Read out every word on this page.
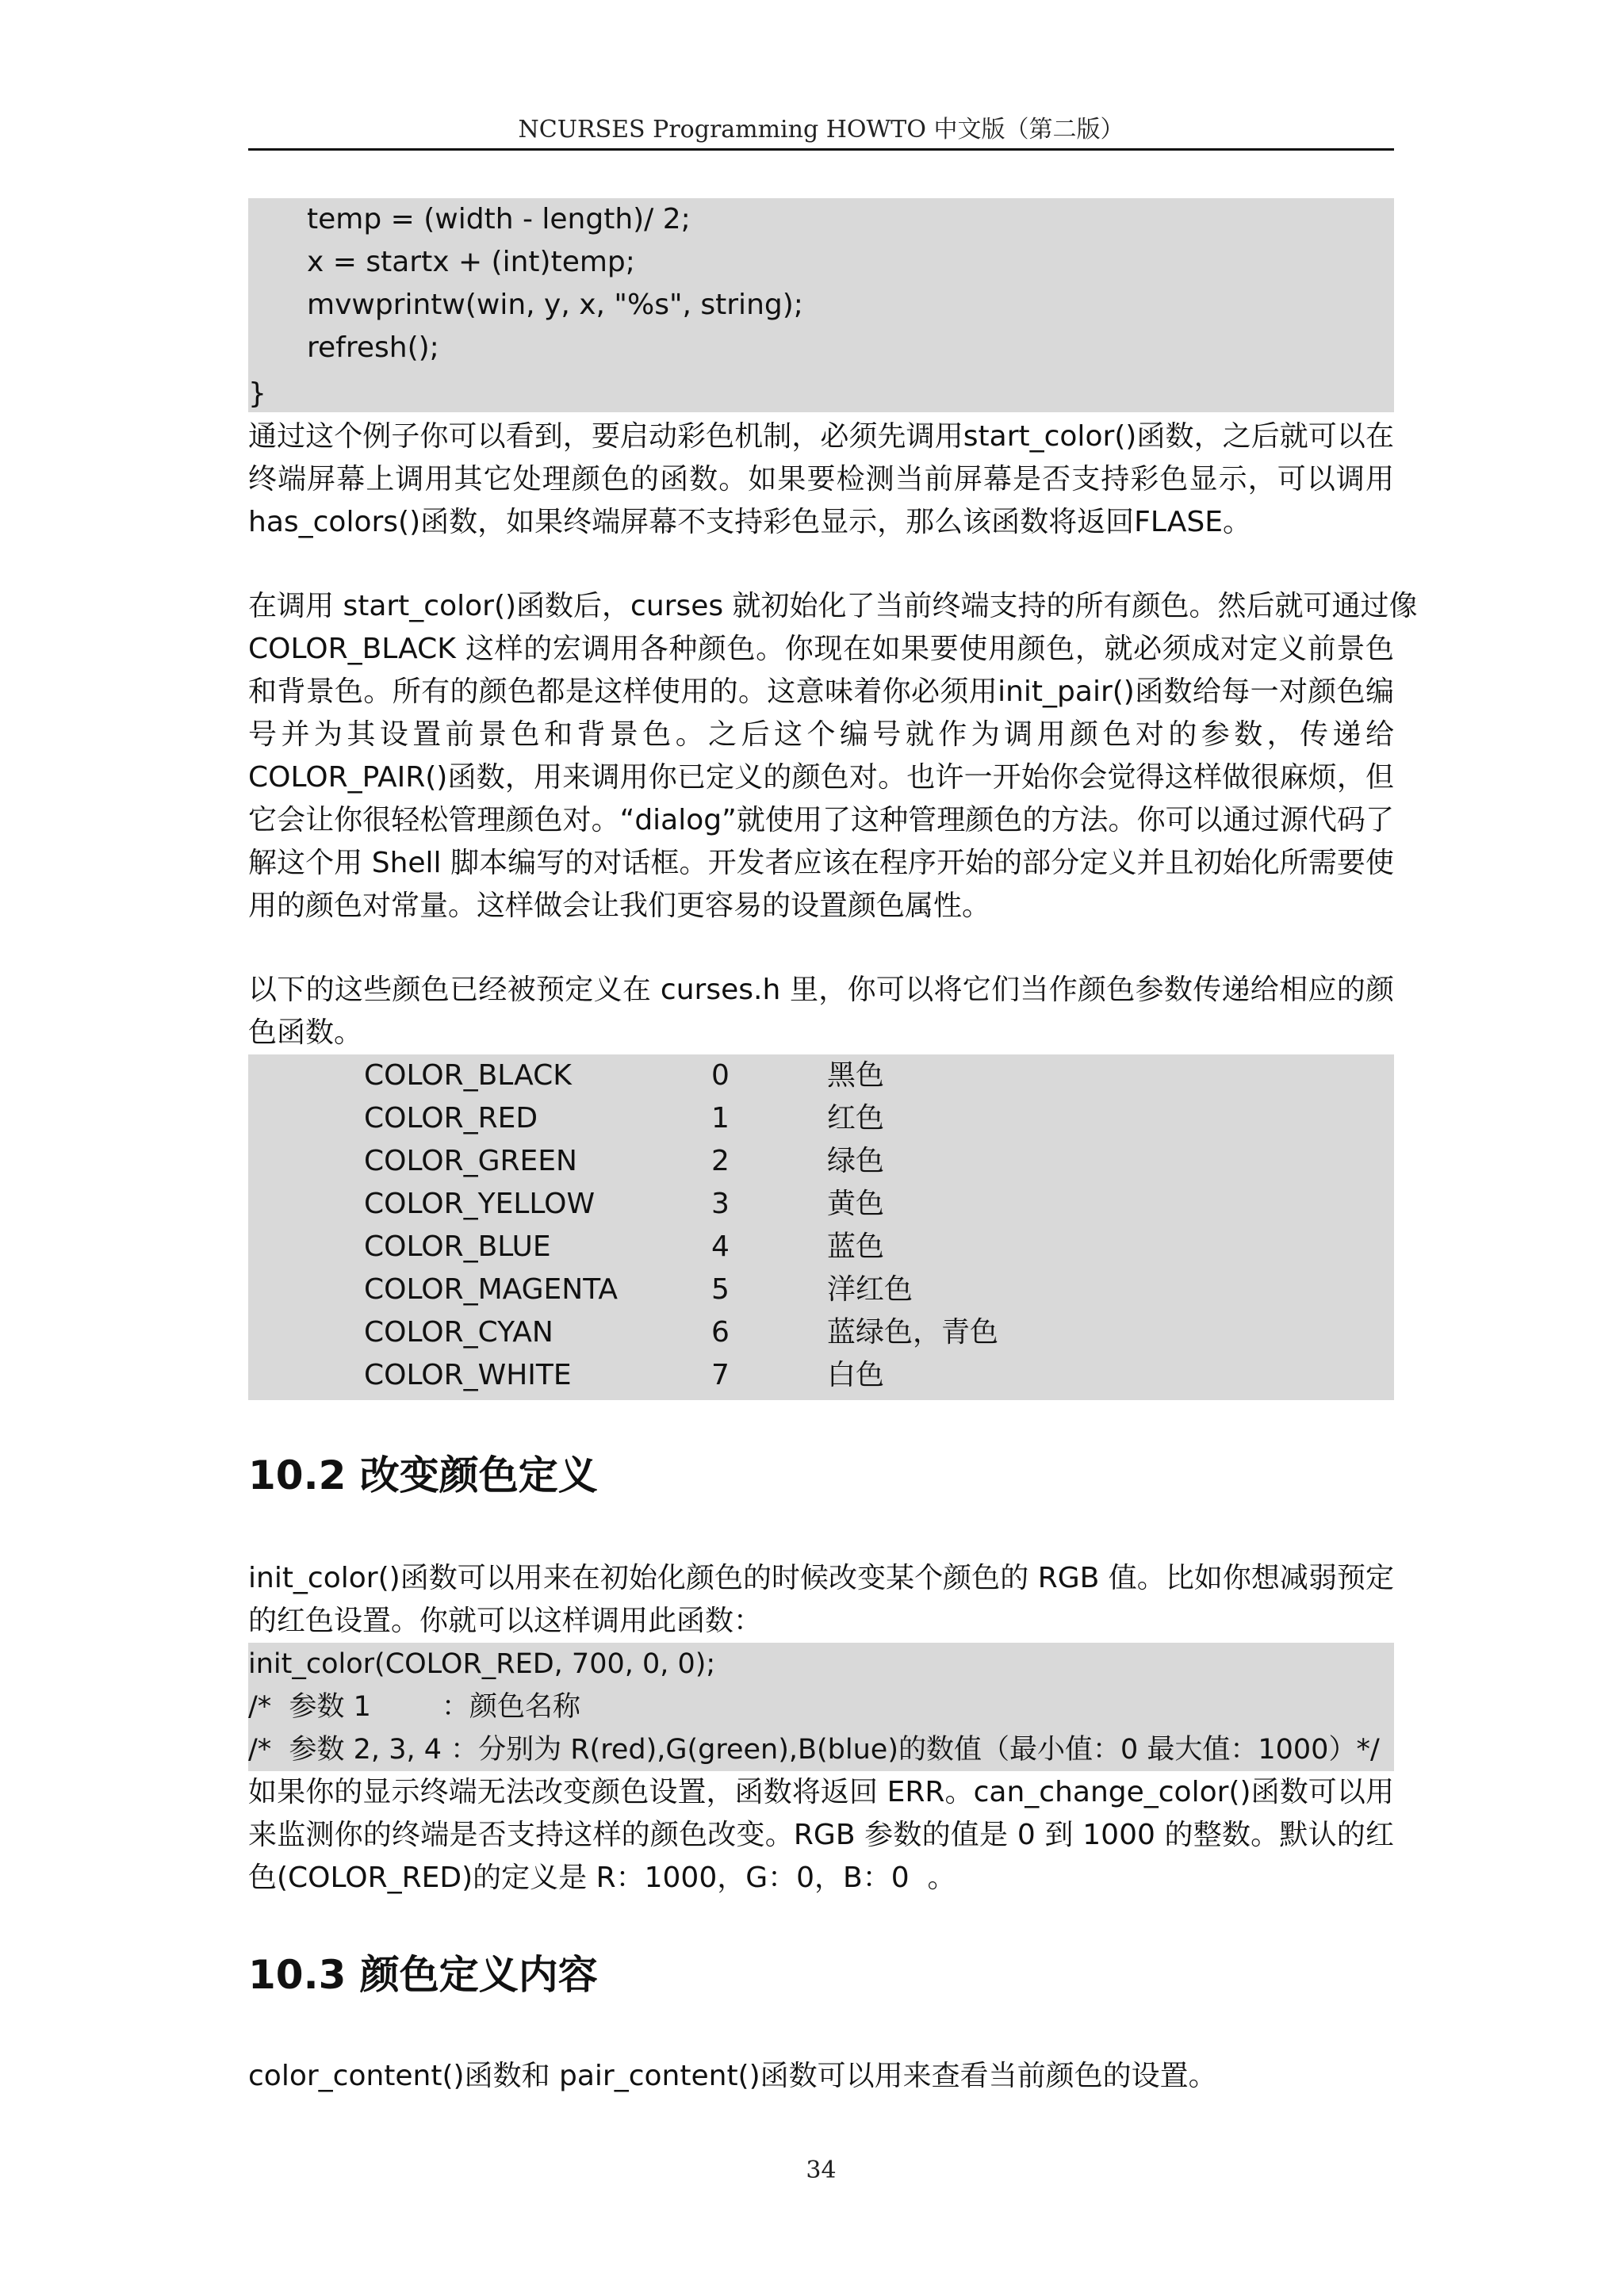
NCURSES Programming HOWTO 中文版（第二版）
temp = (width - length)/ 2;
x = startx + (int)temp;
mvwprintw(win, y, x, "%s", string);
refresh();
}
通过这个例子你可以看到，要启动彩色机制，必须先调用start_color()函数，之后就可以在
终端屏幕上调用其它处理颜色的函数。如果要检测当前屏幕是否支持彩色显示，可以调用
has_colors()函数，如果终端屏幕不支持彩色显示，那么该函数将返回FLASE。
在调用 start_color()函数后，curses 就初始化了当前终端支持的所有颜色。然后就可通过像
COLOR_BLACK 这样的宏调用各种颜色。你现在如果要使用颜色，就必须成对定义前景色
和背景色。所有的颜色都是这样使用的。这意味着你必须用init_pair()函数给每一对颜色编
号并为其设置前景色和背景色。之后这个编号就作为调用颜色对的参数，传递给
COLOR_PAIR()函数，用来调用你已定义的颜色对。也许一开始你会觉得这样做很麻烦，但
它会让你很轻松管理颜色对。“dialog”就使用了这种管理颜色的方法。你可以通过源代码了
解这个用 Shell 脚本编写的对话框。开发者应该在程序开始的部分定义并且初始化所需要使
用的颜色对常量。这样做会让我们更容易的设置颜色属性。
以下的这些颜色已经被预定义在 curses.h 里，你可以将它们当作颜色参数传递给相应的颜
色函数。
COLOR_BLACK	0	黑色
COLOR_RED	1	红色
COLOR_GREEN	2	绿色
COLOR_YELLOW	3	黄色
COLOR_BLUE	4	蓝色
COLOR_MAGENTA	5	洋红色
COLOR_CYAN	6	蓝绿色，青色
COLOR_WHITE	7	白色
10.2 改变颜色定义
init_color()函数可以用来在初始化颜色的时候改变某个颜色的 RGB 值。比如你想减弱预定
的红色设置。你就可以这样调用此函数：
init_color(COLOR_RED, 700, 0, 0);
/*  参数 1        ：颜色名称
/*  参数 2, 3, 4 ：分别为 R(red),G(green),B(blue)的数值（最小值：0 最大值：1000）*/
如果你的显示终端无法改变颜色设置，函数将返回 ERR。can_change_color()函数可以用
来监测你的终端是否支持这样的颜色改变。RGB 参数的值是 0 到 1000 的整数。默认的红
色(COLOR_RED)的定义是 R：1000，G：0，B：0  。
10.3 颜色定义内容
color_content()函数和 pair_content()函数可以用来查看当前颜色的设置。
34
